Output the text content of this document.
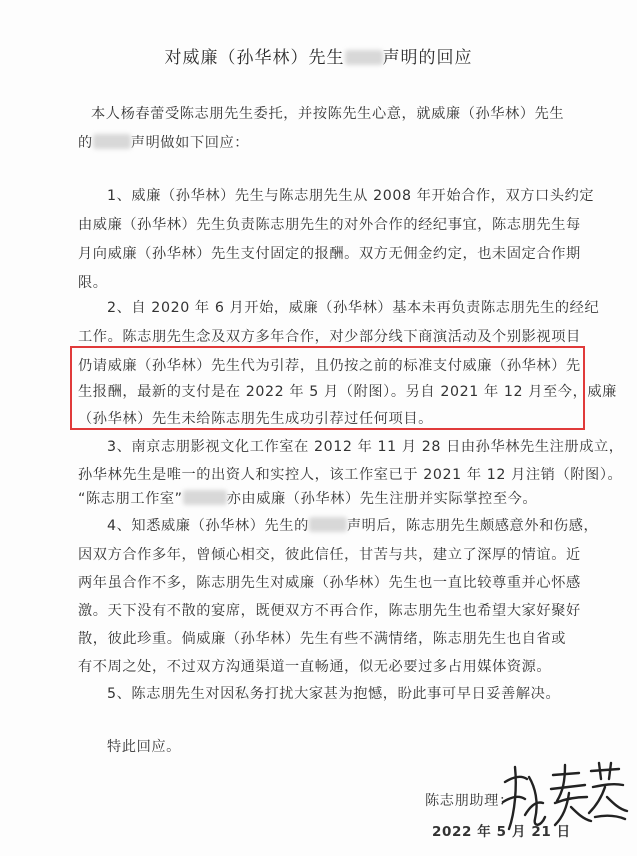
对威廉（孙华林）先生 声明的回应
本人杨春蕾受陈志朋先生委托，并按陈先生心意，就威廉（孙华林）先生
的	声明做如下回应：
1、威廉（孙华林）先生与陈志朋先生从 2008 年开始合作，双方口头约定
由威廉（孙华林）先生负责陈志朋先生的对外合作的经纪事宜，陈志朋先生每
月向威廉（孙华林）先生支付固定的报酬。双方无佣金约定，也未固定合作期
限。
2、自 2020 年 6 月开始，威廉（孙华林）基本未再负责陈志朋先生的经纪
工作。陈志朋先生念及双方多年合作，对少部分线下商演活动及个别影视项目
仍请威廉（孙华林）先生代为引荐，且仍按之前的标准支付威廉（孙华林）先
生报酬，最新的支付是在 2022 年 5 月（附图）。另自 2021 年 12 月至今，威廉
（孙华林）先生未给陈志朋先生成功引荐过任何项目。
3、南京志朋影视文化工作室在 2012 年 11 月 28 日由孙华林先生注册成立，
孙华林先生是唯一的出资人和实控人，该工作室已于 2021 年 12 月注销（附图）。
“陈志朋工作室”	亦由威廉（孙华林）先生注册并实际掌控至今。
4、知悉威廉（孙华林）先生的	声明后，陈志朋先生颇感意外和伤感，
因双方合作多年，曾倾心相交，彼此信任，甘苦与共，建立了深厚的情谊。近
两年虽合作不多，陈志朋先生对威廉（孙华林）先生也一直比较尊重并心怀感
激。天下没有不散的宴席，既便双方不再合作，陈志朋先生也希望大家好聚好
散，彼此珍重。倘威廉（孙华林）先生有些不满情绪，陈志朋先生也自省或
有不周之处，不过双方沟通渠道一直畅通，似无必要过多占用媒体资源。
5、陈志朋先生对因私务打扰大家甚为抱憾，盼此事可早日妥善解决。
特此回应。
陈志朋助理：
2022 年 5 月 21 日
